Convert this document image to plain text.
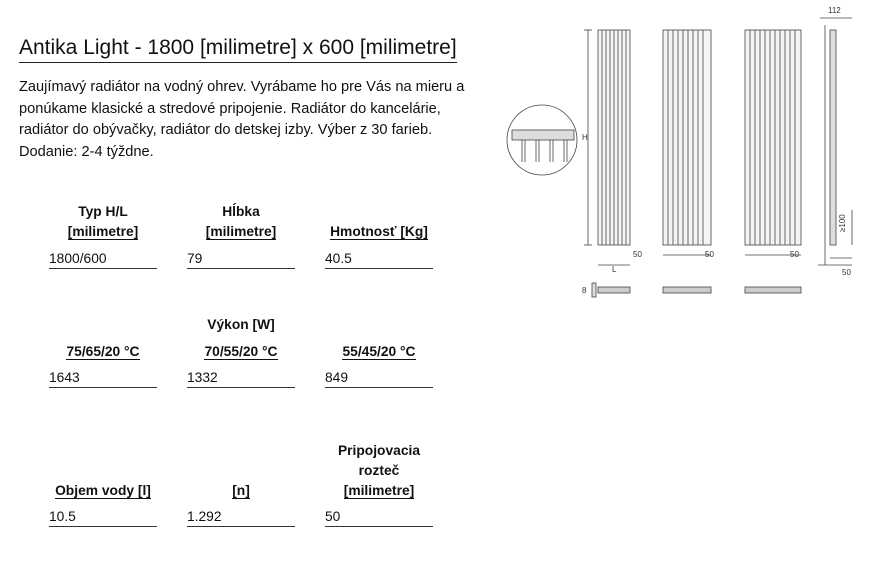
Antika Light - 1800 [milimetre] x 600 [milimetre]

Zaujímavý radiátor na vodný ohrev. Vyrábame ho pre Vás na mieru a

ponúkame klasické a stredové pripojenie. Radiátor do kancelárie,

radiátor do obývačky, radiátor do detskej izby. Výber z 30 farieb.

Dodanie: 2-4 týždne.

Typ H/L
[milimetre]
1800/600
Hĺbka
[milimetre]
79
Hmotnosť [Kg]
40.5
Výkon [W]
75/65/20 °C
1643
70/55/20 °C
1332
55/45/20 °C
849
Objem vody [l]
10.5
[n]
1.292
Pripojovacia
rozteč
[milimetre]
50
112
H
L
50	50	50
50
≥100
8
